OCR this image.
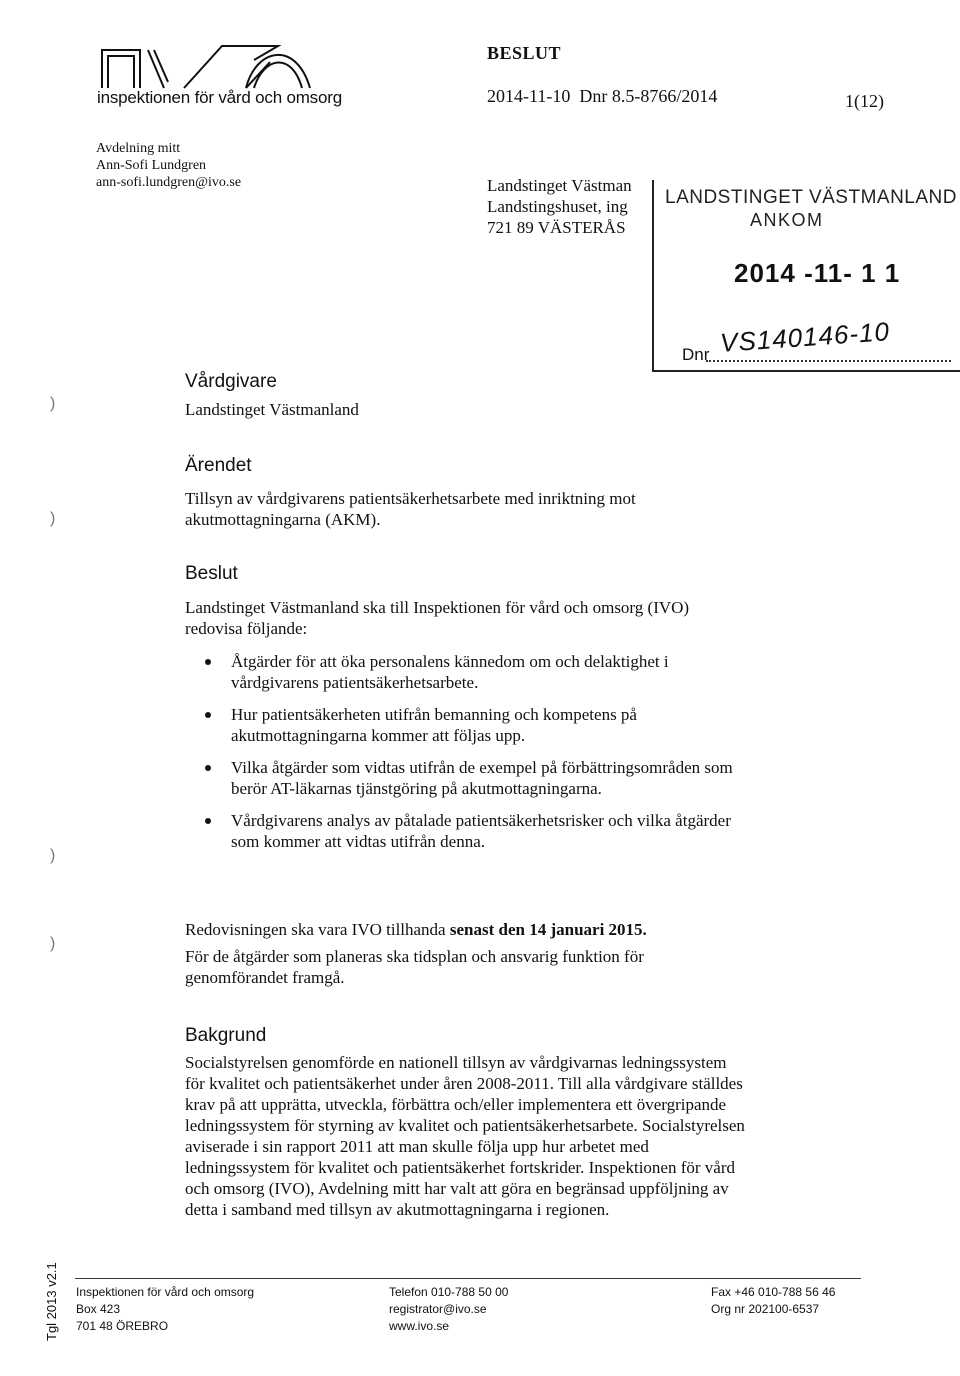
inspektionen för vård och omsorg
BESLUT
2014-11-10 Dnr 8.5-8766/2014	1(12)
Avdelning mitt
Ann-Sofi Lundgren
ann-sofi.lundgren@ivo.se	Landstinget Västman
Landstingshuset, ing
721 89 VÄSTERÅS
LANDSTINGET VÄSTMANLAND
ANKOM
2014 -11- 1 1
Dnr VS140146-10
Vårdgivare
Landstinget Västmanland
Ärendet
Tillsyn av vårdgivarens patientsäkerhetsarbete med inriktning mot akutmottagningarna (AKM).
Beslut
Landstinget Västmanland ska till Inspektionen för vård och omsorg (IVO) redovisa följande:
Åtgärder för att öka personalens kännedom om och delaktighet i vårdgivarens patientsäkerhetsarbete.
Hur patientsäkerheten utifrån bemanning och kompetens på akutmottagningarna kommer att följas upp.
Vilka åtgärder som vidtas utifrån de exempel på förbättringsområden som berör AT-läkarnas tjänstgöring på akutmottagningarna.
Vårdgivarens analys av påtalade patientsäkerhetsrisker och vilka åtgärder som kommer att vidtas utifrån denna.
Redovisningen ska vara IVO tillhanda senast den 14 januari 2015.
För de åtgärder som planeras ska tidsplan och ansvarig funktion för genomförandet framgå.
Bakgrund
Socialstyrelsen genomförde en nationell tillsyn av vårdgivarnas ledningssystem för kvalitet och patientsäkerhet under åren 2008-2011. Till alla vårdgivare ställdes krav på att upprätta, utveckla, förbättra och/eller implementera ett övergripande ledningssystem för styrning av kvalitet och patientsäkerhetsarbete. Socialstyrelsen aviserade i sin rapport 2011 att man skulle följa upp hur arbetet med ledningssystem för kvalitet och patientsäkerhet fortskrider. Inspektionen för vård och omsorg (IVO), Avdelning mitt har valt att göra en begränsad uppföljning av detta i samband med tillsyn av akutmottagningarna i regionen.
)
)
)
)
Tgl 2013 v2.1 Inspektionen för vård och omsorg
Box 423
701 48 ÖREBRO
Telefon 010-788 50 00
registrator@ivo.se
www.ivo.se
Fax +46 010-788 56 46
Org nr 202100-6537
